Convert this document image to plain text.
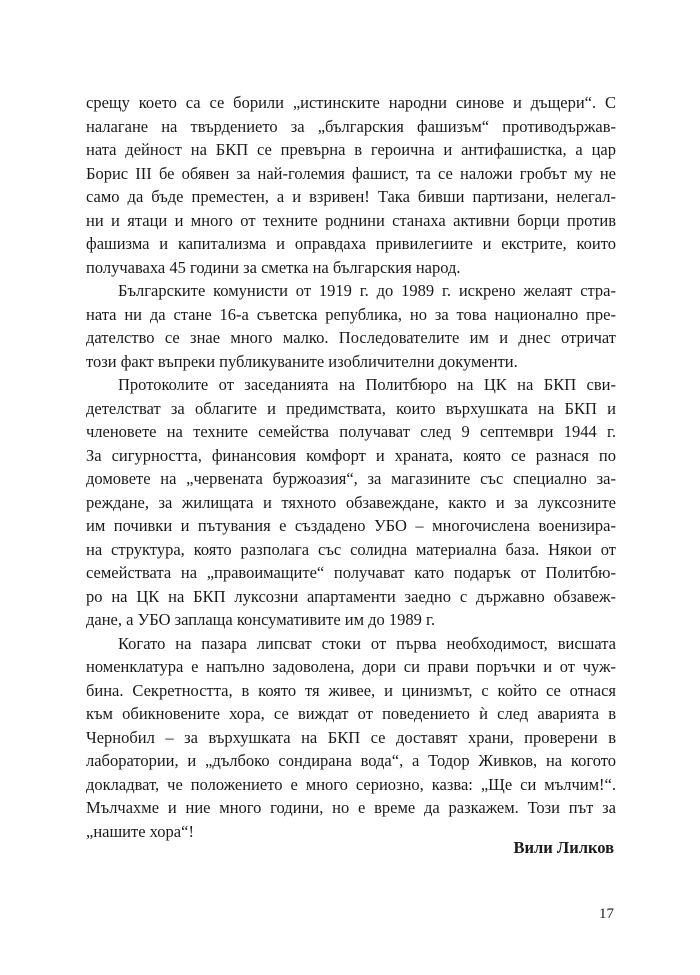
срещу което са се борили „истинските народни синове и дъщери“. С
налагане на твърдението за „българския фашизъм“ противодържав-
ната дейност на БКП се превърна в героична и антифашистка, а цар
Борис III бе обявен за най-големия фашист, та се наложи гробът му не
само да бъде преместен, а и взривен! Така бивши партизани, нелегал-
ни и ятаци и много от техните роднини станаха активни борци против
фашизма и капитализма и оправдаха привилегиите и екстрите, които
получаваха 45 години за сметка на българския народ.
Българските комунисти от 1919 г. до 1989 г. искрено желаят стра-
ната ни да стане 16-а съветска република, но за това национално пре-
дателство се знае много малко. Последователите им и днес отричат
този факт въпреки публикуваните изобличителни документи.
Протоколите от заседанията на Политбюро на ЦК на БКП сви-
детелстват за облагите и предимствата, които върхушката на БКП и
членовете на техните семейства получават след 9 септември 1944 г.
За сигурността, финансовия комфорт и храната, която се разнася по
домовете на „червената буржоазия“, за магазините със специално за-
реждане, за жилищата и тяхното обзавеждане, както и за луксозните
им почивки и пътувания е създадено УБО – многочислена военизира-
на структура, която разполага със солидна материална база. Някои от
семействата на „правоимащите“ получават като подарък от Политбю-
ро на ЦК на БКП луксозни апартаменти заедно с държавно обзавеж-
дане, а УБО заплаща консумативите им до 1989 г.
Когато на пазара липсват стоки от първа необходимост, висшата
номенклатура е напълно задоволена, дори си прави поръчки и от чуж-
бина. Секретността, в която тя живее, и цинизмът, с който се отнася
към обикновените хора, се виждат от поведението ѝ след аварията в
Чернобил – за върхушката на БКП се доставят храни, проверени в
лаборатории, и „дълбоко сондирана вода“, а Тодор Живков, на когото
докладват, че положението е много сериозно, казва: „Ще си мълчим!“.
Мълчахме и ние много години, но е време да разкажем. Този път за
„нашите хора“!
Вили Лилков
17
